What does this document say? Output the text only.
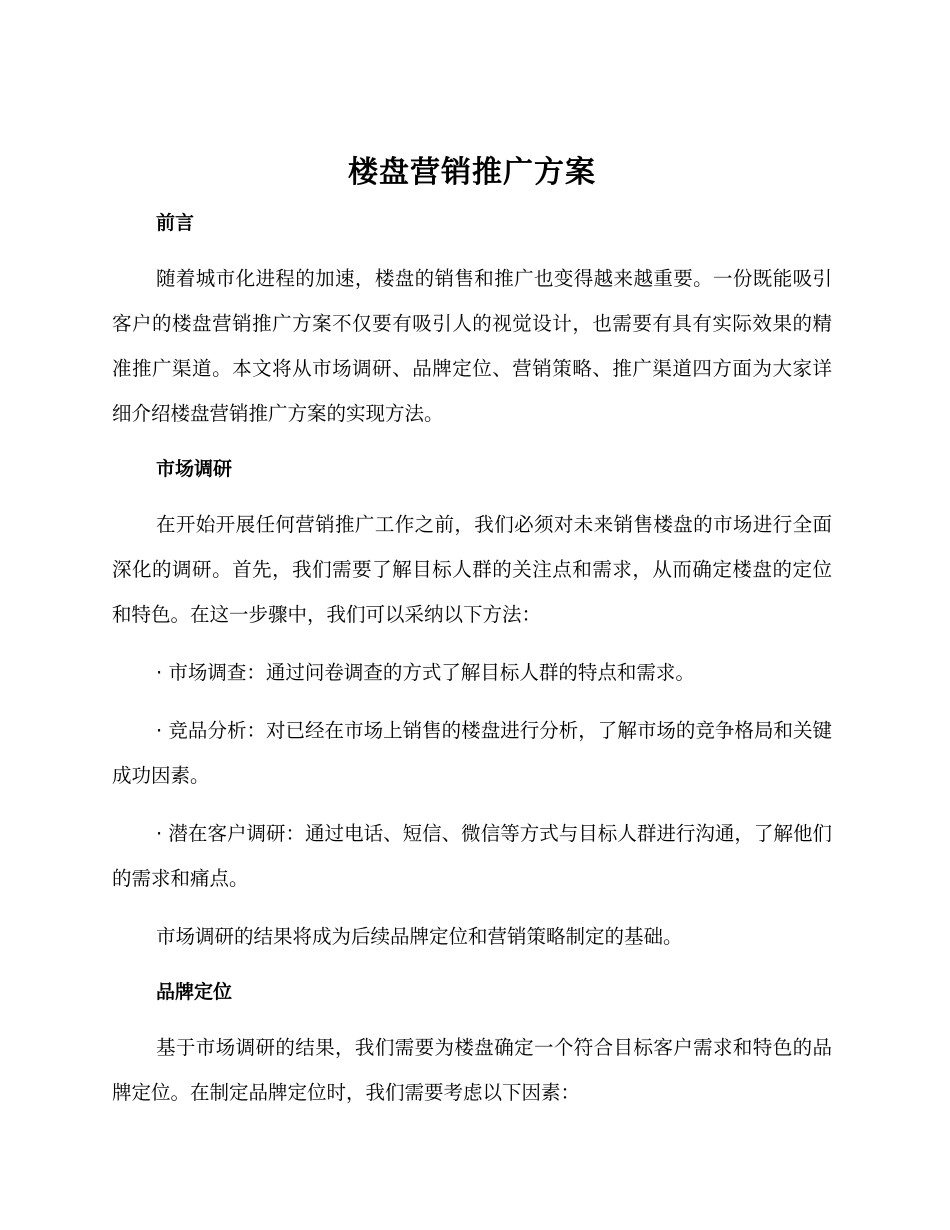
楼盘营销推广方案
前言

随着城市化进程的加速，楼盘的销售和推广也变得越来越重要。一份既能吸引客户的楼盘营销推广方案不仅要有吸引人的视觉设计，也需要有具有实际效果的精准推广渠道。本文将从市场调研、品牌定位、营销策略、推广渠道四方面为大家详细介绍楼盘营销推广方案的实现方法。

市场调研

在开始开展任何营销推广工作之前，我们必须对未来销售楼盘的市场进行全面深化的调研。首先，我们需要了解目标人群的关注点和需求，从而确定楼盘的定位和特色。在这一步骤中，我们可以采纳以下方法：

· 市场调查：通过问卷调查的方式了解目标人群的特点和需求。

· 竞品分析：对已经在市场上销售的楼盘进行分析，了解市场的竞争格局和关键成功因素。

· 潜在客户调研：通过电话、短信、微信等方式与目标人群进行沟通，了解他们的需求和痛点。

市场调研的结果将成为后续品牌定位和营销策略制定的基础。

品牌定位

基于市场调研的结果，我们需要为楼盘确定一个符合目标客户需求和特色的品牌定位。在制定品牌定位时，我们需要考虑以下因素：
